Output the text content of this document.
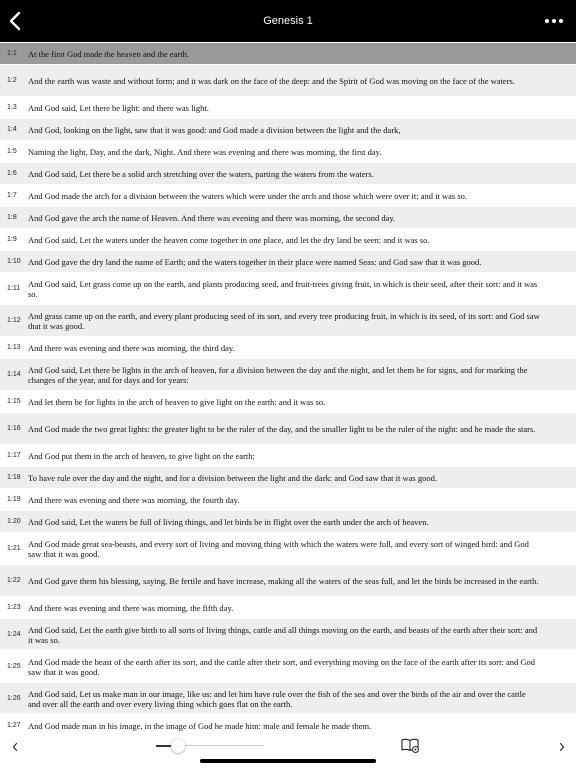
Genesis 1
1:1	At the first God made the heaven and the earth.
1:2	And the earth was waste and without form; and it was dark on the face of the deep: and the Spirit of God was moving on the face of the waters.
1:3	And God said, Let there be light: and there was light.
1:4	And God, looking on the light, saw that it was good: and God made a division between the light and the dark,
1:5	Naming the light, Day, and the dark, Night. And there was evening and there was morning, the first day.
1:6	And God said, Let there be a solid arch stretching over the waters, parting the waters from the waters.
1:7	And God made the arch for a division between the waters which were under the arch and those which were over it: and it was so.
1:8	And God gave the arch the name of Heaven. And there was evening and there was morning, the second day.
1:9	And God said, Let the waters under the heaven come together in one place, and let the dry land be seen: and it was so.
1:10 And God gave the dry land the name of Earth; and the waters together in their place were named Seas: and God saw that it was good.
1:11 And God said, Let grass come up on the earth, and plants producing seed, and fruit-trees giving fruit, in which is their seed, after their sort: and it was so.
1:12 And grass came up on the earth, and every plant producing seed of its sort, and every tree producing fruit, in which is its seed, of its sort: and God saw that it was good.
1:13 And there was evening and there was morning, the third day.
1:14 And God said, Let there be lights in the arch of heaven, for a division between the day and the night, and let them be for signs, and for marking the changes of the year, and for days and for years:
1:15 And let them be for lights in the arch of heaven to give light on the earth: and it was so.
1:16 And God made the two great lights: the greater light to be the ruler of the day, and the smaller light to be the ruler of the night: and he made the stars.
1:17 And God put them in the arch of heaven, to give light on the earth;
1:18 To have rule over the day and the night, and for a division between the light and the dark: and God saw that it was good.
1:19 And there was evening and there was morning, the fourth day.
1:20 And God said, Let the waters be full of living things, and let birds be in flight over the earth under the arch of heaven.
1:21 And God made great sea-beasts, and every sort of living and moving thing with which the waters were full, and every sort of winged bird: and God saw that it was good.
1:22 And God gave them his blessing, saying, Be fertile and have increase, making all the waters of the seas full, and let the birds be increased in the earth.
1:23 And there was evening and there was morning, the fifth day.
1:24 And God said, Let the earth give birth to all sorts of living things, cattle and all things moving on the earth, and beasts of the earth after their sort: and it was so.
1:25 And God made the beast of the earth after its sort, and the cattle after their sort, and everything moving on the face of the earth after its sort: and God saw that it was good.
1:26 And God said, Let us make man in our image, like us: and let him have rule over the fish of the sea and over the birds of the air and over the cattle and over all the earth and over every living thing which goes flat on the earth.
1:27 And God made man in his image, in the image of God he made him: male and female he made them.
